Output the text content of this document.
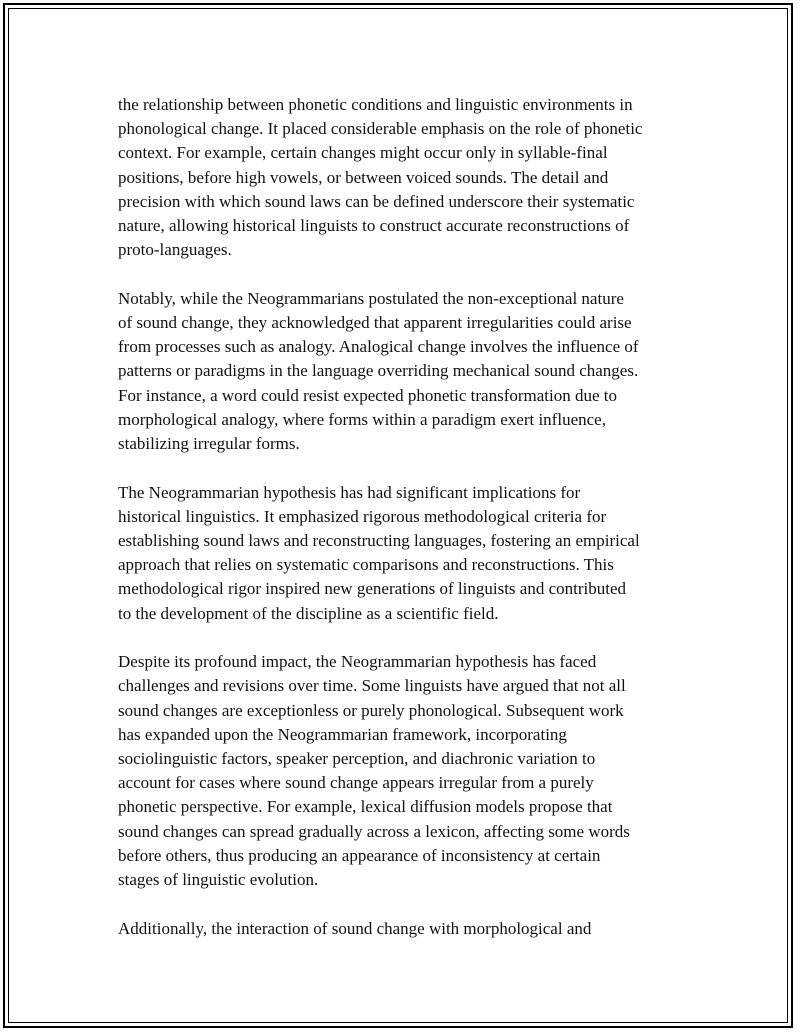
the relationship between phonetic conditions and linguistic environments in
phonological change. It placed considerable emphasis on the role of phonetic
context. For example, certain changes might occur only in syllable-final
positions, before high vowels, or between voiced sounds. The detail and
precision with which sound laws can be defined underscore their systematic
nature, allowing historical linguists to construct accurate reconstructions of
proto-languages.

Notably, while the Neogrammarians postulated the non-exceptional nature
of sound change, they acknowledged that apparent irregularities could arise
from processes such as analogy. Analogical change involves the influence of
patterns or paradigms in the language overriding mechanical sound changes.
For instance, a word could resist expected phonetic transformation due to
morphological analogy, where forms within a paradigm exert influence,
stabilizing irregular forms.

The Neogrammarian hypothesis has had significant implications for
historical linguistics. It emphasized rigorous methodological criteria for
establishing sound laws and reconstructing languages, fostering an empirical
approach that relies on systematic comparisons and reconstructions. This
methodological rigor inspired new generations of linguists and contributed
to the development of the discipline as a scientific field.

Despite its profound impact, the Neogrammarian hypothesis has faced
challenges and revisions over time. Some linguists have argued that not all
sound changes are exceptionless or purely phonological. Subsequent work
has expanded upon the Neogrammarian framework, incorporating
sociolinguistic factors, speaker perception, and diachronic variation to
account for cases where sound change appears irregular from a purely
phonetic perspective. For example, lexical diffusion models propose that
sound changes can spread gradually across a lexicon, affecting some words
before others, thus producing an appearance of inconsistency at certain
stages of linguistic evolution.

Additionally, the interaction of sound change with morphological and
